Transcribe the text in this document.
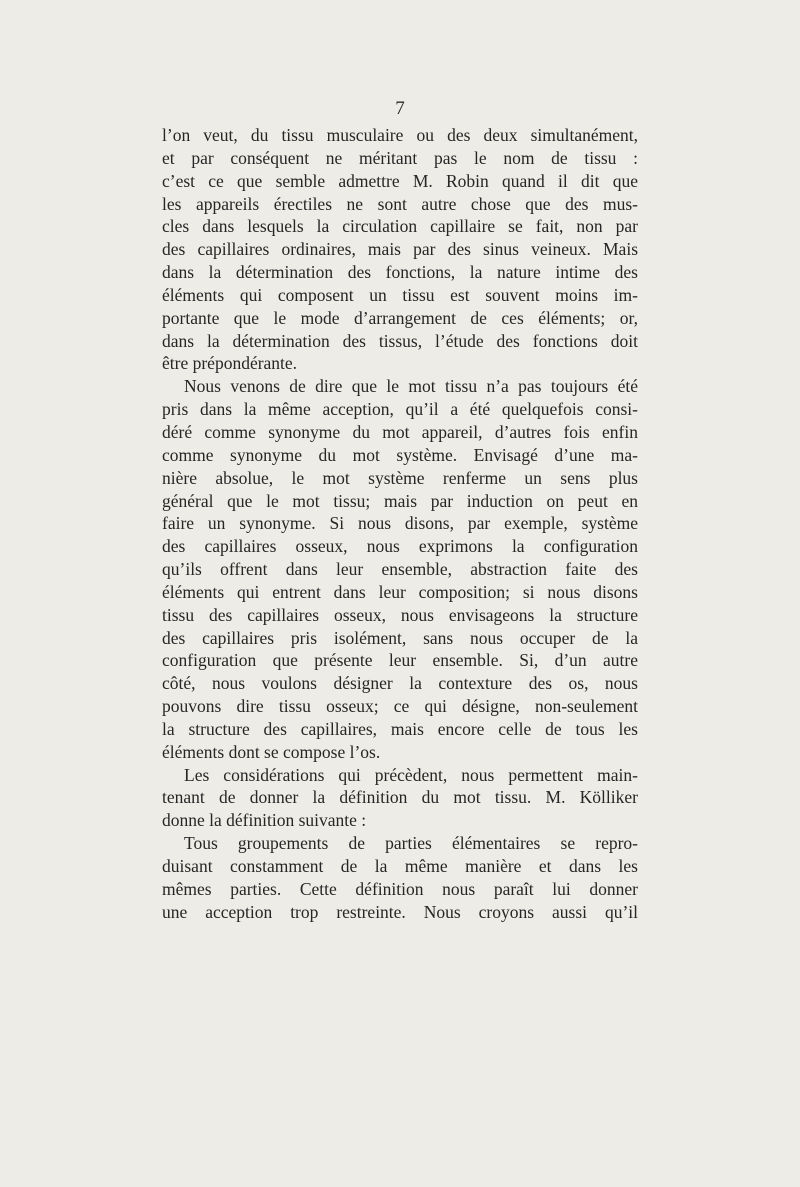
7
l’on veut, du tissu musculaire ou des deux simultanément,
et par conséquent ne méritant pas le nom de tissu :
c’est ce que semble admettre M. Robin quand il dit que
les appareils érectiles ne sont autre chose que des mus-
cles dans lesquels la circulation capillaire se fait, non par
des capillaires ordinaires, mais par des sinus veineux. Mais
dans la détermination des fonctions, la nature intime des
éléments qui composent un tissu est souvent moins im-
portante que le mode d’arrangement de ces éléments; or,
dans la détermination des tissus, l’étude des fonctions doit
être prépondérante.
Nous venons de dire que le mot tissu n’a pas toujours été
pris dans la même acception, qu’il a été quelquefois consi-
déré comme synonyme du mot appareil, d’autres fois enfin
comme synonyme du mot système. Envisagé d’une ma-
nière absolue, le mot système renferme un sens plus
général que le mot tissu; mais par induction on peut en
faire un synonyme. Si nous disons, par exemple, système
des capillaires osseux, nous exprimons la configuration
qu’ils offrent dans leur ensemble, abstraction faite des
éléments qui entrent dans leur composition; si nous disons
tissu des capillaires osseux, nous envisageons la structure
des capillaires pris isolément, sans nous occuper de la
configuration que présente leur ensemble. Si, d’un autre
côté, nous voulons désigner la contexture des os, nous
pouvons dire tissu osseux; ce qui désigne, non-seulement
la structure des capillaires, mais encore celle de tous les
éléments dont se compose l’os.
Les considérations qui précèdent, nous permettent main-
tenant de donner la définition du mot tissu. M. Kölliker
donne la définition suivante :
Tous groupements de parties élémentaires se repro-
duisant constamment de la même manière et dans les
mêmes parties. Cette définition nous paraît lui donner
une acception trop restreinte. Nous croyons aussi qu’il
